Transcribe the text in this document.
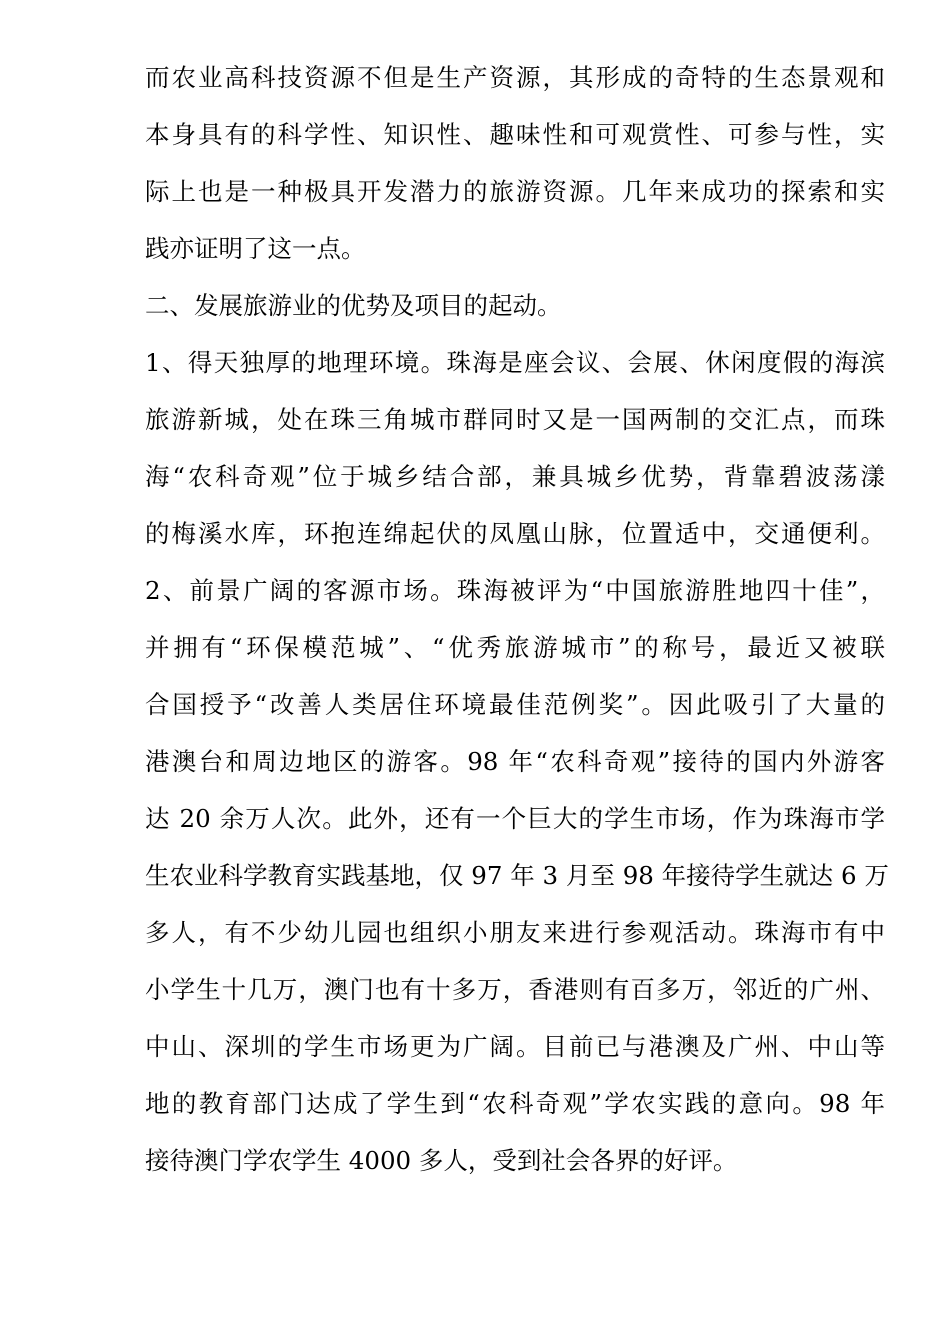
而农业高科技资源不但是生产资源，其形成的奇特的生态景观和
本身具有的科学性、知识性、趣味性和可观赏性、可参与性，实
际上也是一种极具开发潜力的旅游资源。几年来成功的探索和实
践亦证明了这一点。
二、发展旅游业的优势及项目的起动。
1、得天独厚的地理环境。珠海是座会议、会展、休闲度假的海滨
旅游新城，处在珠三角城市群同时又是一国两制的交汇点，而珠
海“农科奇观”位于城乡结合部，兼具城乡优势，背靠碧波荡漾
的梅溪水库，环抱连绵起伏的凤凰山脉，位置适中，交通便利。
2、前景广阔的客源市场。珠海被评为“中国旅游胜地四十佳”，
并拥有“环保模范城”、“优秀旅游城市”的称号，最近又被联
合国授予“改善人类居住环境最佳范例奖”。因此吸引了大量的
港澳台和周边地区的游客。98 年“农科奇观”接待的国内外游客
达 20 余万人次。此外，还有一个巨大的学生市场，作为珠海市学
生农业科学教育实践基地，仅 97 年 3 月至 98 年接待学生就达 6 万
多人，有不少幼儿园也组织小朋友来进行参观活动。珠海市有中
小学生十几万，澳门也有十多万，香港则有百多万，邻近的广州、
中山、深圳的学生市场更为广阔。目前已与港澳及广州、中山等
地的教育部门达成了学生到“农科奇观”学农实践的意向。98 年
接待澳门学农学生 4000 多人，受到社会各界的好评。
